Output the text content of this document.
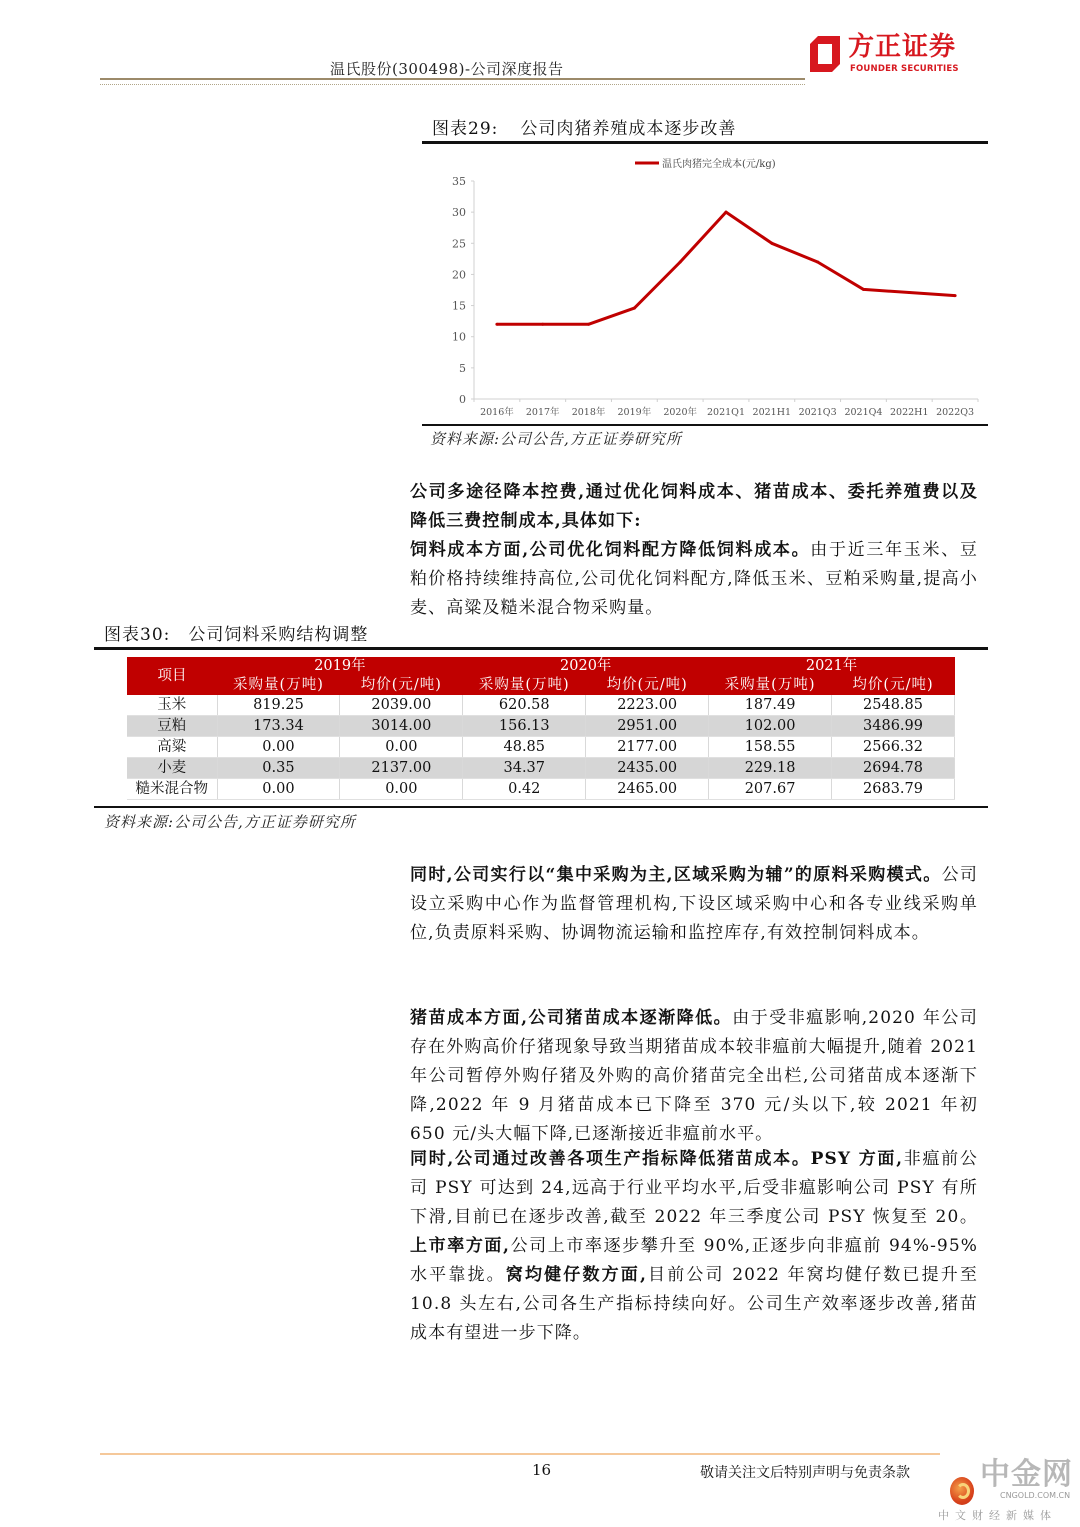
温氏股份(300498)-公司深度报告
方正证券
FOUNDER SECURITIES
图表29: 公司肉猪养殖成本逐步改善
温氏肉猪完全成本(元/kg)
0
5
10
15
20
25
30
35
2016年 2017年 2018年 2019年 2020年 2021Q1 2021H1 2021Q3 2021Q4 2022H1 2022Q3
资料来源:公司公告,方正证券研究所
公司多途径降本控费,通过优化饲料成本、猪苗成本、委托养殖费以及降低三费控制成本,具体如下:
饲料成本方面,公司优化饲料配方降低饲料成本。由于近三年玉米、豆粕价格持续维持高位,公司优化饲料配方,降低玉米、豆粕采购量,提高小麦、高粱及糙米混合物采购量。
图表30: 公司饲料采购结构调整
项目	2019年		2020年		2021年	
	采购量(万吨)	均价(元/吨)	采购量(万吨)	均价(元/吨)	采购量(万吨)	均价(元/吨)
玉米	819.25	2039.00	620.58	2223.00	187.49	2548.85
豆粕	173.34	3014.00	156.13	2951.00	102.00	3486.99
高粱	0.00	0.00	48.85	2177.00	158.55	2566.32
小麦	0.35	2137.00	34.37	2435.00	229.18	2694.78
糙米混合物	0.00	0.00	0.42	2465.00	207.67	2683.79
资料来源:公司公告,方正证券研究所
同时,公司实行以“集中采购为主,区域采购为辅”的原料采购模式。公司设立采购中心作为监督管理机构,下设区域采购中心和各专业线采购单位,负责原料采购、协调物流运输和监控库存,有效控制饲料成本。
猪苗成本方面,公司猪苗成本逐渐降低。由于受非瘟影响,2020 年公司存在外购高价仔猪现象导致当期猪苗成本较非瘟前大幅提升,随着 2021 年公司暂停外购仔猪及外购的高价猪苗完全出栏,公司猪苗成本逐渐下降,2022 年 9 月猪苗成本已下降至 370 元/头以下,较 2021 年初 650 元/头大幅下降,已逐渐接近非瘟前水平。
同时,公司通过改善各项生产指标降低猪苗成本。PSY 方面,非瘟前公司 PSY 可达到 24,远高于行业平均水平,后受非瘟影响公司 PSY 有所下滑,目前已在逐步改善,截至 2022 年三季度公司 PSY 恢复至 20。上市率方面,公司上市率逐步攀升至 90%,正逐步向非瘟前 94%-95%水平靠拢。窝均健仔数方面,目前公司 2022 年窝均健仔数已提升至 10.8 头左右,公司各生产指标持续向好。公司生产效率逐步改善,猪苗成本有望进一步下降。
16	中金网
CNGOLD.COM.CN
中文财经新媒体
敬请关注文后特别声明与免责条款
